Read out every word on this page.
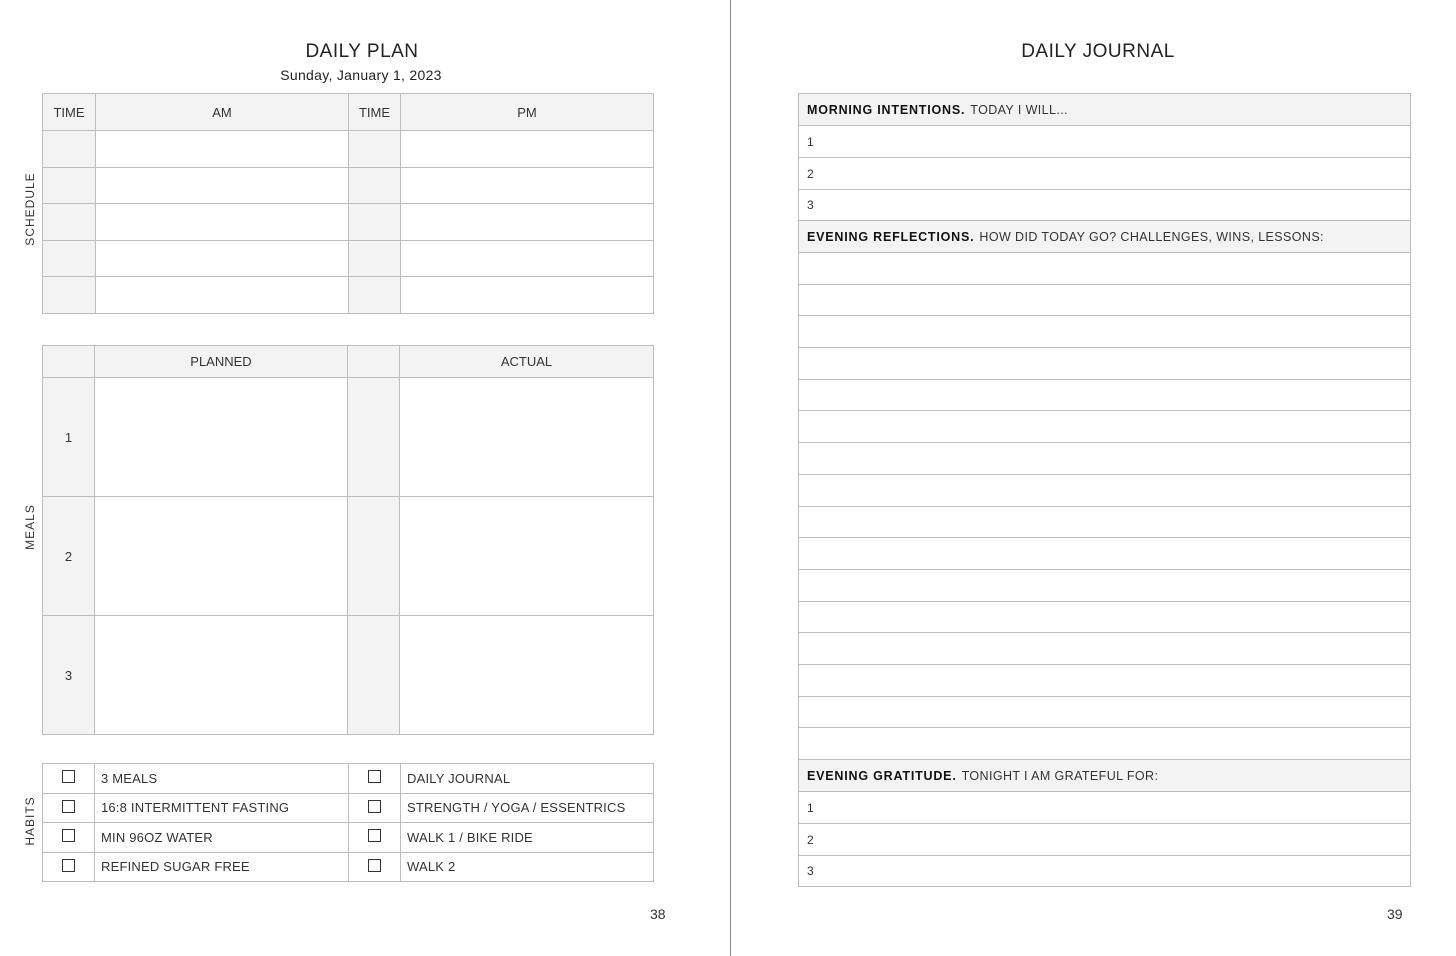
DAILY PLAN
Sunday, January 1, 2023
SCHEDULE
TIME	AM	TIME	PM

MEALS
	PLANNED		ACTUAL
1			
2			
3			
HABITS
	3 MEALS		DAILY JOURNAL
	16:8 INTERMITTENT FASTING		STRENGTH / YOGA / ESSENTRICS
	MIN 96OZ WATER		WALK 1 / BIKE RIDE
	REFINED SUGAR FREE		WALK 2
38
DAILY JOURNAL
MORNING INTENTIONS. TODAY I WILL...
1
2
3
EVENING REFLECTIONS. HOW DID TODAY GO? CHALLENGES, WINS, LESSONS:
EVENING GRATITUDE. TONIGHT I AM GRATEFUL FOR:
1
2
3
39
